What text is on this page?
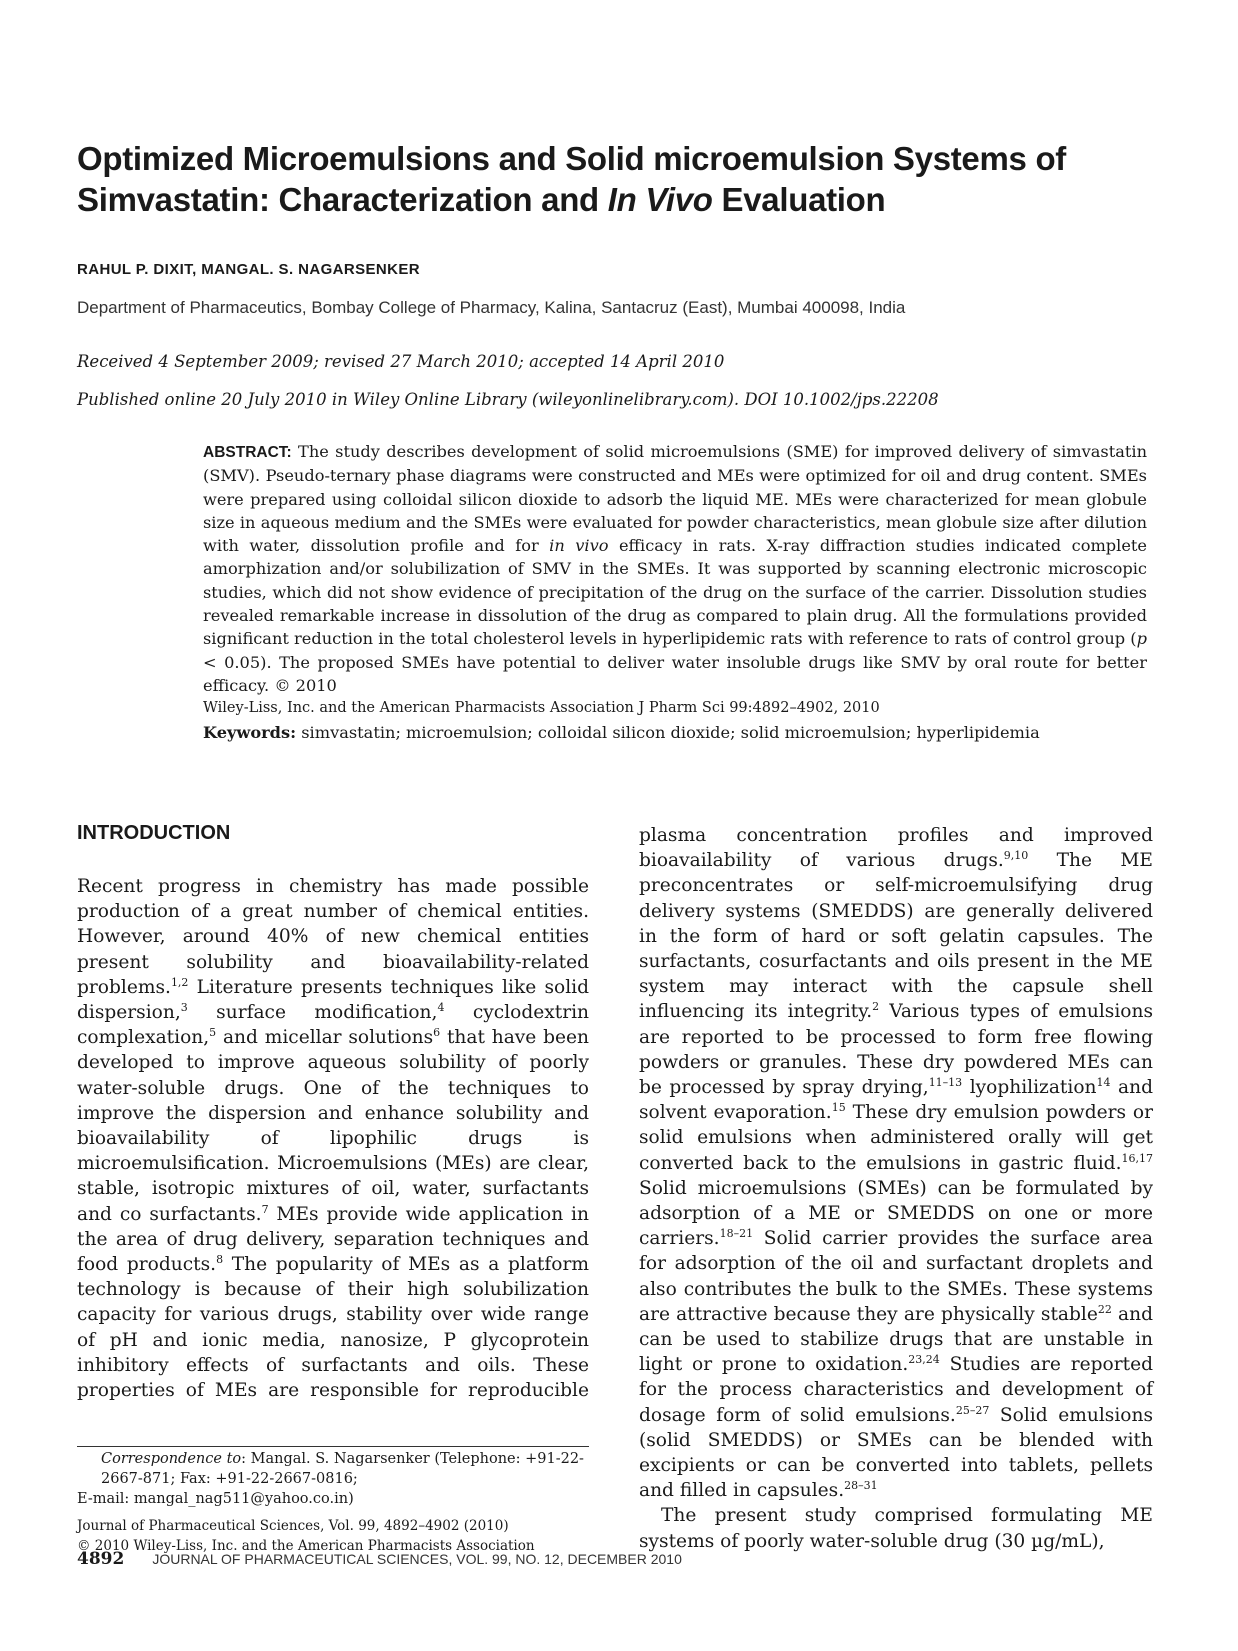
Optimized Microemulsions and Solid microemulsion Systems of
Simvastatin: Characterization and In Vivo Evaluation
RAHUL P. DIXIT, MANGAL. S. NAGARSENKER
Department of Pharmaceutics, Bombay College of Pharmacy, Kalina, Santacruz (East), Mumbai 400098, India
Received 4 September 2009; revised 27 March 2010; accepted 14 April 2010
Published online 20 July 2010 in Wiley Online Library (wileyonlinelibrary.com). DOI 10.1002/jps.22208
ABSTRACT: The study describes development of solid microemulsions (SME) for improved delivery of simvastatin (SMV). Pseudo-ternary phase diagrams were constructed and MEs were optimized for oil and drug content. SMEs were prepared using colloidal silicon dioxide to adsorb the liquid ME. MEs were characterized for mean globule size in aqueous medium and the SMEs were evaluated for powder characteristics, mean globule size after dilution with water, dissolution profile and for in vivo efficacy in rats. X-ray diffraction studies indicated complete amorphization and/or solubilization of SMV in the SMEs. It was supported by scanning electronic microscopic studies, which did not show evidence of precipitation of the drug on the surface of the carrier. Dissolution studies revealed remarkable increase in dissolution of the drug as compared to plain drug. All the formulations provided significant reduction in the total cholesterol levels in hyperlipidemic rats with reference to rats of control group (p < 0.05). The proposed SMEs have potential to deliver water insoluble drugs like SMV by oral route for better efficacy. © 2010
Wiley-Liss, Inc. and the American Pharmacists Association J Pharm Sci 99:4892–4902, 2010
Keywords: simvastatin; microemulsion; colloidal silicon dioxide; solid microemulsion; hyperlipidemia
INTRODUCTION
Recent progress in chemistry has made possible production of a great number of chemical entities. However, around 40% of new chemical entities present solubility and bioavailability-related problems.$^{1,2}$ Literature presents techniques like solid dispersion,$^3$ surface modification,$^4$ cyclodextrin complexation,$^5$ and micellar solutions$^6$ that have been developed to improve aqueous solubility of poorly water-soluble drugs. One of the techniques to improve the dispersion and enhance solubility and bioavailability of lipophilic drugs is microemulsification. Microemulsions (MEs) are clear, stable, isotropic mixtures of oil, water, surfactants and co surfactants.$^7$ MEs provide wide application in the area of drug delivery, separation techniques and food products.$^8$ The popularity of MEs as a platform technology is because of their high solubilization capacity for various drugs, stability over wide range of pH and ionic media, nanosize, P glycoprotein inhibitory effects of surfactants and oils. These properties of MEs are responsible for reproducible

plasma concentration profiles and improved bioavailability of various drugs.$^{9,10}$ The ME preconcentrates or self-microemulsifying drug delivery systems (SMEDDS) are generally delivered in the form of hard or soft gelatin capsules. The surfactants, cosurfactants and oils present in the ME system may interact with the capsule shell influencing its integrity.$^2$ Various types of emulsions are reported to be processed to form free flowing powders or granules. These dry powdered MEs can be processed by spray drying,$^{11-13}$ lyophilization$^{14}$ and solvent evaporation.$^{15}$ These dry emulsion powders or solid emulsions when administered orally will get converted back to the emulsions in gastric fluid.$^{16,17}$ Solid microemulsions (SMEs) can be formulated by adsorption of a ME or SMEDDS on one or more carriers.$^{18-21}$ Solid carrier provides the surface area for adsorption of the oil and surfactant droplets and also contributes the bulk to the SMEs. These systems are attractive because they are physically stable$^{22}$ and can be used to stabilize drugs that are unstable in light or prone to oxidation.$^{23,24}$ Studies are reported for the process characteristics and development of dosage form of solid emulsions.$^{25-27}$ Solid emulsions (solid SMEDDS) or SMEs can be blended with excipients or can be converted into tablets, pellets and filled in capsules.$^{28-31}$

The present study comprised formulating ME systems of poorly water-soluble drug (30 µg/mL),

Correspondence to: Mangal. S. Nagarsenker (Telephone: +91-22-2667-871; Fax: +91-22-2667-0816;
E-mail: mangal_nag511@yahoo.co.in)
Journal of Pharmaceutical Sciences, Vol. 99, 4892–4902 (2010)
© 2010 Wiley-Liss, Inc. and the American Pharmacists Association
4892 JOURNAL OF PHARMACEUTICAL SCIENCES, VOL. 99, NO. 12, DECEMBER 2010
